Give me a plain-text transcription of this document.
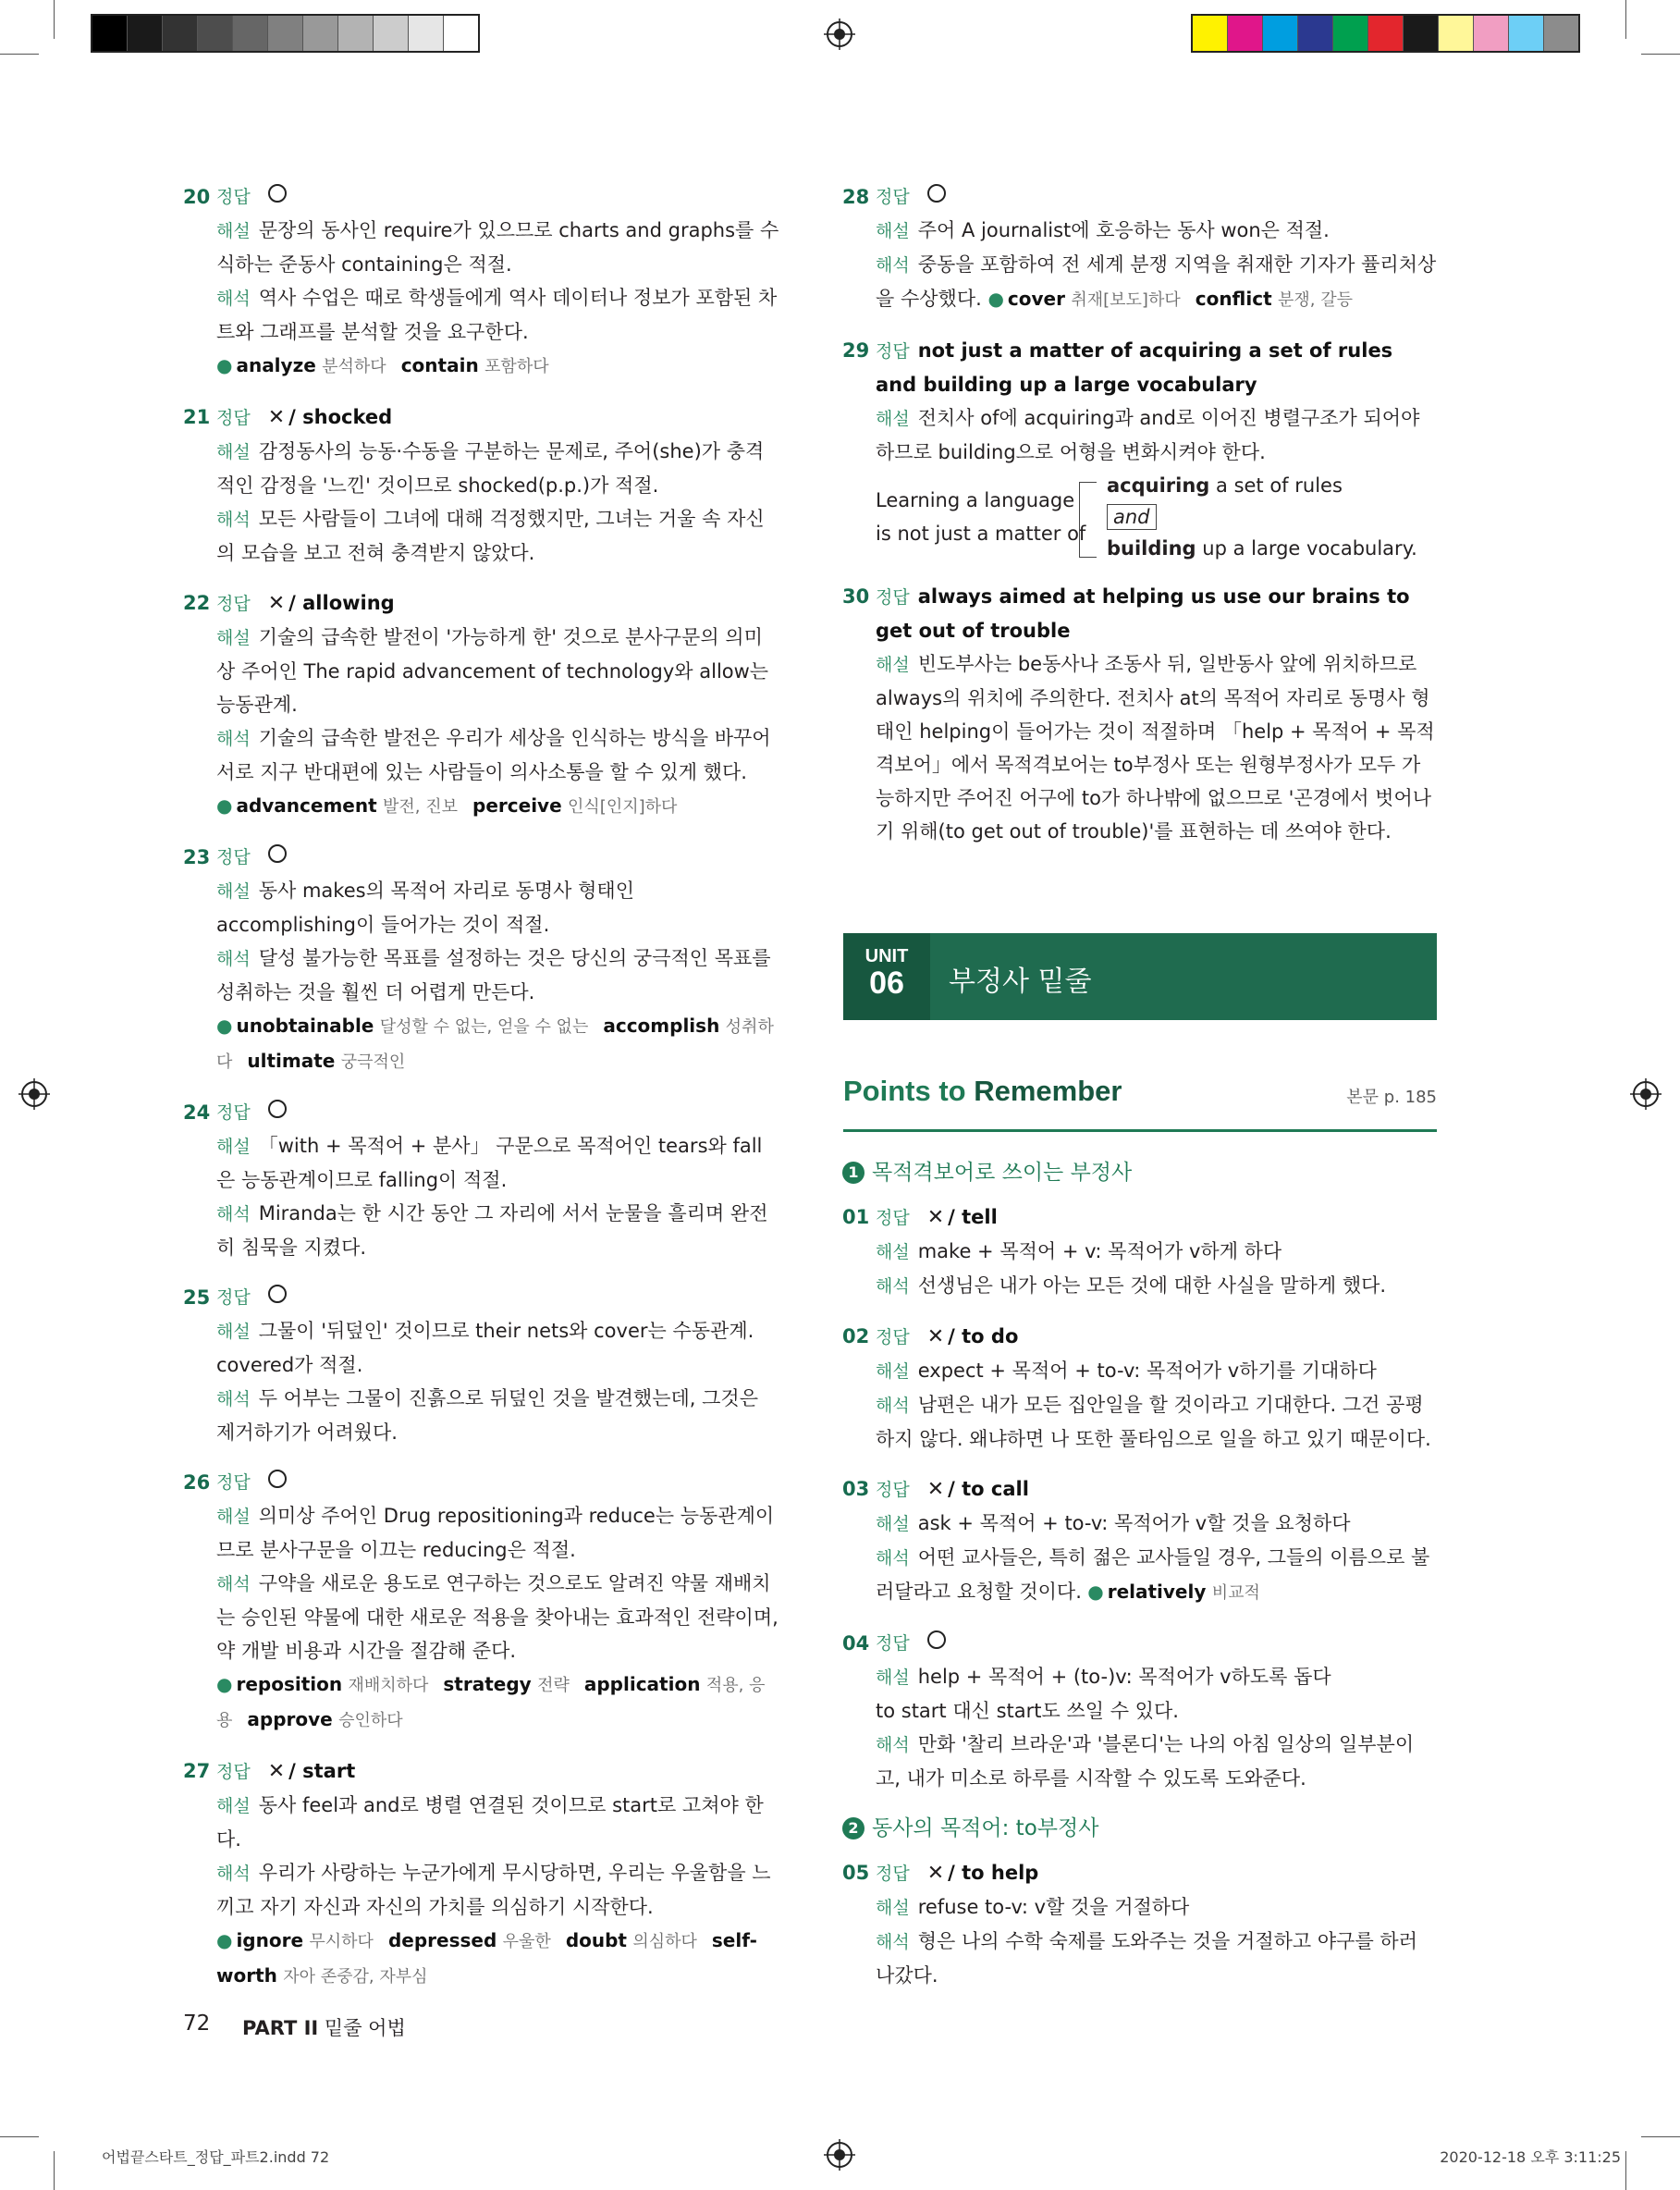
20 정답
해설 문장의 동사인 require가 있으므로 charts and graphs를 수식하는 준동사 containing은 적절.
해석 역사 수업은 때로 학생들에게 역사 데이터나 정보가 포함된 차트와 그래프를 분석할 것을 요구한다.
● analyze 분석하다 contain 포함하다
21 정답 ✕ / shocked
해설 감정동사의 능동·수동을 구분하는 문제로, 주어(she)가 충격적인 감정을 '느낀' 것이므로 shocked(p.p.)가 적절.
해석 모든 사람들이 그녀에 대해 걱정했지만, 그녀는 거울 속 자신의 모습을 보고 전혀 충격받지 않았다.
22 정답 ✕ / allowing
해설 기술의 급속한 발전이 '가능하게 한' 것으로 분사구문의 의미상 주어인 The rapid advancement of technology와 allow는 능동관계.
해석 기술의 급속한 발전은 우리가 세상을 인식하는 방식을 바꾸어 서로 지구 반대편에 있는 사람들이 의사소통을 할 수 있게 했다.
● advancement 발전, 진보 perceive 인식[인지]하다
23 정답
해설 동사 makes의 목적어 자리로 동명사 형태인 accomplishing이 들어가는 것이 적절.
해석 달성 불가능한 목표를 설정하는 것은 당신의 궁극적인 목표를 성취하는 것을 훨씬 더 어렵게 만든다.
● unobtainable 달성할 수 없는, 얻을 수 없는 accomplish 성취하다 ultimate 궁극적인
24 정답
해설 「with + 목적어 + 분사」 구문으로 목적어인 tears와 fall은 능동관계이므로 falling이 적절.
해석 Miranda는 한 시간 동안 그 자리에 서서 눈물을 흘리며 완전히 침묵을 지켰다.
25 정답
해설 그물이 '뒤덮인' 것이므로 their nets와 cover는 수동관계. covered가 적절.
해석 두 어부는 그물이 진흙으로 뒤덮인 것을 발견했는데, 그것은 제거하기가 어려웠다.
26 정답
해설 의미상 주어인 Drug repositioning과 reduce는 능동관계이므로 분사구문을 이끄는 reducing은 적절.
해석 구약을 새로운 용도로 연구하는 것으로도 알려진 약물 재배치는 승인된 약물에 대한 새로운 적용을 찾아내는 효과적인 전략이며, 약 개발 비용과 시간을 절감해 준다.
● reposition 재배치하다 strategy 전략 application 적용, 응용 approve 승인하다
27 정답 ✕ / start
해설 동사 feel과 and로 병렬 연결된 것이므로 start로 고쳐야 한다.
해석 우리가 사랑하는 누군가에게 무시당하면, 우리는 우울함을 느끼고 자기 자신과 자신의 가치를 의심하기 시작한다.
● ignore 무시하다 depressed 우울한 doubt 의심하다 self-worth 자아 존중감, 자부심
28 정답
해설 주어 A journalist에 호응하는 동사 won은 적절.
해석 중동을 포함하여 전 세계 분쟁 지역을 취재한 기자가 퓰리처상을 수상했다. ● cover 취재[보도]하다 conflict 분쟁, 갈등
29 정답 not just a matter of acquiring a set of rules and building up a large vocabulary
해설 전치사 of에 acquiring과 and로 이어진 병렬구조가 되어야 하므로 building으로 어형을 변화시켜야 한다.
Learning a language
is not just a matter of
acquiring a set of rules
and
building up a large vocabulary.
30 정답 always aimed at helping us use our brains to get out of trouble
해설 빈도부사는 be동사나 조동사 뒤, 일반동사 앞에 위치하므로 always의 위치에 주의한다. 전치사 at의 목적어 자리로 동명사 형태인 helping이 들어가는 것이 적절하며 「help + 목적어 + 목적격보어」에서 목적격보어는 to부정사 또는 원형부정사가 모두 가능하지만 주어진 어구에 to가 하나밖에 없으므로 '곤경에서 벗어나기 위해(to get out of trouble)'를 표현하는 데 쓰여야 한다.
UNIT
06	부정사 밑줄
Points to Remember	본문 p. 185
1 목적격보어로 쓰이는 부정사
01 정답 ✕ / tell
해설 make + 목적어 + v: 목적어가 v하게 하다
해석 선생님은 내가 아는 모든 것에 대한 사실을 말하게 했다.
02 정답 ✕ / to do
해설 expect + 목적어 + to-v: 목적어가 v하기를 기대하다
해석 남편은 내가 모든 집안일을 할 것이라고 기대한다. 그건 공평하지 않다. 왜냐하면 나 또한 풀타임으로 일을 하고 있기 때문이다.
03 정답 ✕ / to call
해설 ask + 목적어 + to-v: 목적어가 v할 것을 요청하다
해석 어떤 교사들은, 특히 젊은 교사들일 경우, 그들의 이름으로 불러달라고 요청할 것이다. ● relatively 비교적
04 정답
해설 help + 목적어 + (to-)v: 목적어가 v하도록 돕다
to start 대신 start도 쓰일 수 있다.
해석 만화 '찰리 브라운'과 '블론디'는 나의 아침 일상의 일부분이고, 내가 미소로 하루를 시작할 수 있도록 도와준다.
2 동사의 목적어: to부정사
05 정답 ✕ / to help
해설 refuse to-v: v할 것을 거절하다
해석 형은 나의 수학 숙제를 도와주는 것을 거절하고 야구를 하러 나갔다.
72 PART II 밑줄 어법
어법끝스타트_정답_파트2.indd 72	2020-12-18 오후 3:11:25
